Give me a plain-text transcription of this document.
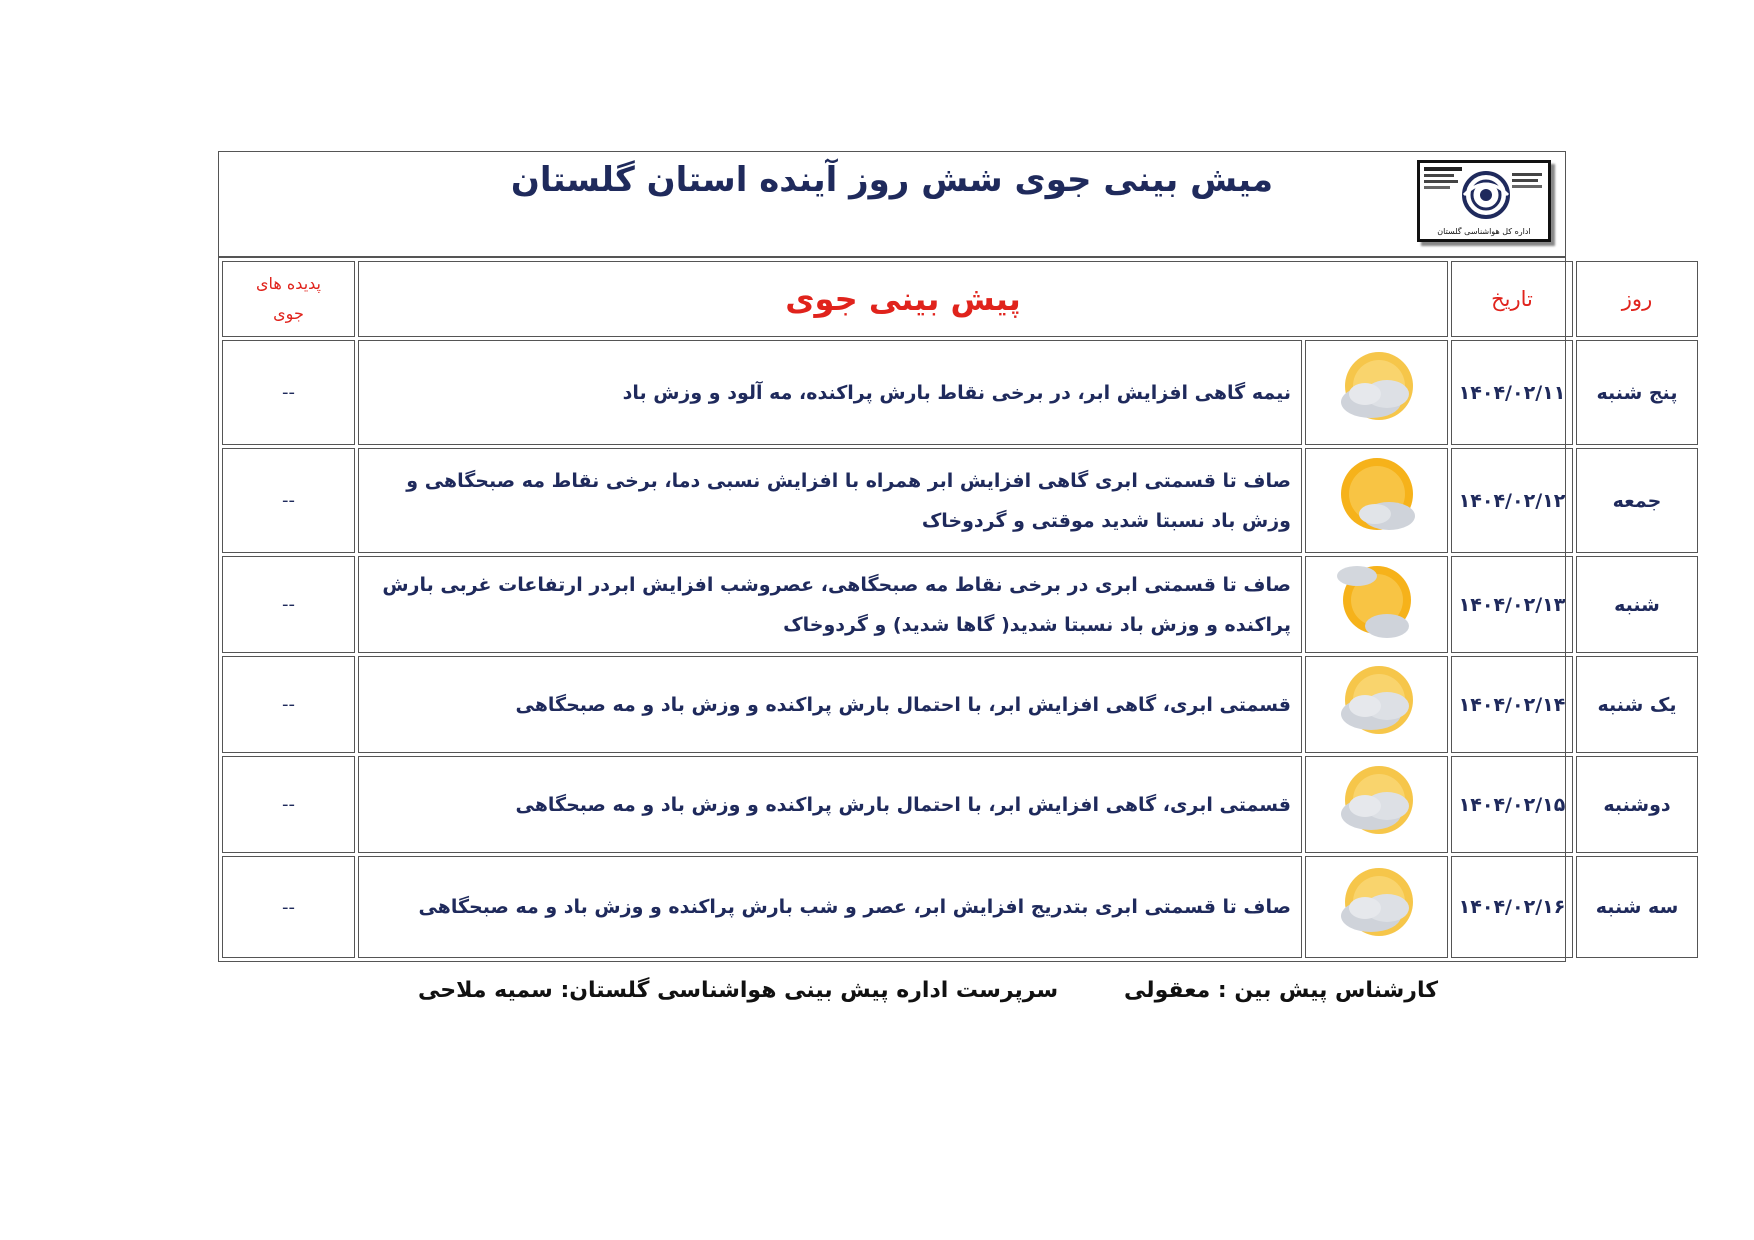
میش بینی جوی شش روز آینده استان گلستان
اداره کل هواشناسی گلستان
پدیده های
جوی	پیش بینی جوی		تاریخ	روز
--	نیمه گاهی افزایش ابر، در برخی نقاط بارش پراکنده، مه آلود و وزش باد		۱۴۰۴/۰۲/۱۱	پنج شنبه
--	صاف تا قسمتی ابری گاهی افزایش ابر همراه با افزایش نسبی دما، برخی نقاط مه صبحگاهی و وزش باد نسبتا شدید موقتی و گردوخاک		۱۴۰۴/۰۲/۱۲	جمعه
--	صاف تا قسمتی ابری در برخی نقاط مه صبحگاهی، عصروشب افزایش ابردر ارتفاعات غربی بارش پراکنده و وزش باد نسبتا شدید( گاها شدید) و گردوخاک		۱۴۰۴/۰۲/۱۳	شنبه
--	قسمتی ابری، گاهی افزایش ابر، با احتمال بارش پراکنده و وزش باد و مه صبحگاهی		۱۴۰۴/۰۲/۱۴	یک شنبه
--	قسمتی ابری، گاهی افزایش ابر، با احتمال بارش پراکنده و وزش باد و مه صبحگاهی		۱۴۰۴/۰۲/۱۵	دوشنبه
--	صاف تا قسمتی ابری بتدریج افزایش ابر، عصر و شب بارش پراکنده و وزش باد و مه صبحگاهی		۱۴۰۴/۰۲/۱۶	سه شنبه
کارشناس پیش بین : معقولی
سرپرست اداره پیش بینی هواشناسی گلستان: سمیه ملاحی
